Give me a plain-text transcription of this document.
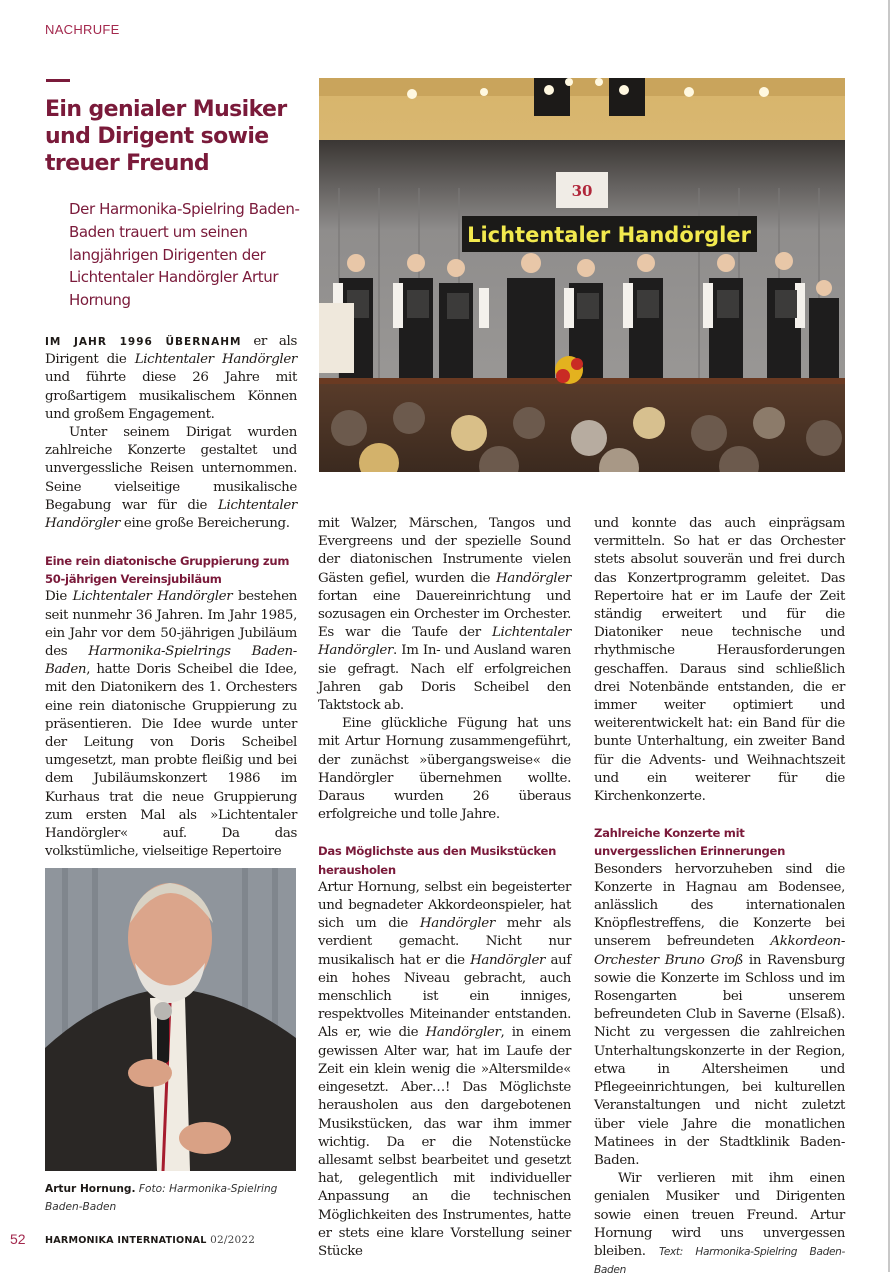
NACHRUFE
Ein genialer Musiker und Dirigent sowie treuer Freund

Der Harmonika-Spielring Baden-Baden trauert um seinen langjährigen Dirigenten der Lichtentaler Handörgler Artur Hornung

30
Lichtentaler Handörgler

IM JAHR 1996 ÜBERNAHM er als Dirigent die Lichtentaler Handörgler und führte diese 26 Jahre mit großartigem musikalischem Können und großem Engagement.

Unter seinem Dirigat wurden zahlreiche Konzerte gestaltet und unvergessliche Reisen unternommen. Seine vielseitige musikalische Begabung war für die Lichtentaler Handörgler eine große Bereicherung.

Eine rein diatonische Gruppierung zum 50-jährigen Vereinsjubiläum

Die Lichtentaler Handörgler bestehen seit nunmehr 36 Jahren. Im Jahr 1985, ein Jahr vor dem 50-jährigen Jubiläum des Harmonika-Spielrings Baden-Baden, hatte Doris Scheibel die Idee, mit den Diatonikern des 1. Orchesters eine rein diatonische Gruppierung zu präsentieren. Die Idee wurde unter der Leitung von Doris Scheibel umgesetzt, man probte fleißig und bei dem Jubiläumskonzert 1986 im Kurhaus trat die neue Gruppierung zum ersten Mal als »Lichtentaler Handörgler« auf. Da das volkstümliche, vielseitige Repertoire

mit Walzer, Märschen, Tangos und Evergreens und der spezielle Sound der diatonischen Instrumente vielen Gästen gefiel, wurden die Handörgler fortan eine Dauereinrichtung und sozusagen ein Orchester im Orchester. Es war die Taufe der Lichtentaler Handörgler. Im In- und Ausland waren sie gefragt. Nach elf erfolgreichen Jahren gab Doris Scheibel den Taktstock ab.

Eine glückliche Fügung hat uns mit Artur Hornung zusammengeführt, der zunächst »übergangsweise« die Handörgler übernehmen wollte. Daraus wurden 26 überaus erfolgreiche und tolle Jahre.

Das Möglichste aus den Musikstücken herausholen

Artur Hornung, selbst ein begeisterter und begnadeter Akkordeonspieler, hat sich um die Handörgler mehr als verdient gemacht. Nicht nur musikalisch hat er die Handörgler auf ein hohes Niveau gebracht, auch menschlich ist ein inniges, respektvolles Miteinander entstanden. Als er, wie die Handörgler, in einem gewissen Alter war, hat im Laufe der Zeit ein klein wenig die »Altersmilde« eingesetzt. Aber…! Das Möglichste herausholen aus den dargebotenen Musikstücken, das war ihm immer wichtig. Da er die Notenstücke allesamt selbst bearbeitet und gesetzt hat, gelegentlich mit individueller Anpassung an die technischen Möglichkeiten des Instrumentes, hatte er stets eine klare Vorstellung seiner Stücke

und konnte das auch einprägsam vermitteln. So hat er das Orchester stets absolut souverän und frei durch das Konzertprogramm geleitet. Das Repertoire hat er im Laufe der Zeit ständig erweitert und für die Diatoniker neue technische und rhythmische Herausforderungen geschaffen. Daraus sind schließlich drei Notenbände entstanden, die er immer weiter optimiert und weiterentwickelt hat: ein Band für die bunte Unterhaltung, ein zweiter Band für die Advents- und Weihnachtszeit und ein weiterer für die Kirchenkonzerte.

Zahlreiche Konzerte mit unvergesslichen Erinnerungen

Besonders hervorzuheben sind die Konzerte in Hagnau am Bodensee, anlässlich des internationalen Knöpflestreffens, die Konzerte bei unserem befreundeten Akkordeon-Orchester Bruno Groß in Ravensburg sowie die Konzerte im Schloss und im Rosengarten bei unserem befreundeten Club in Saverne (Elsaß). Nicht zu vergessen die zahlreichen Unterhaltungskonzerte in der Region, etwa in Altersheimen und Pflegeeinrichtungen, bei kulturellen Veranstaltungen und nicht zuletzt über viele Jahre die monatlichen Matinees in der Stadtklinik Baden-Baden.

Wir verlieren mit ihm einen genialen Musiker und Dirigenten sowie einen treuen Freund. Artur Hornung wird uns unvergessen bleiben. Text: Harmonika-Spielring Baden-Baden

Artur Hornung. Foto: Harmonika-Spielring Baden-Baden
52 HARMONIKA INTERNATIONAL 02/2022
